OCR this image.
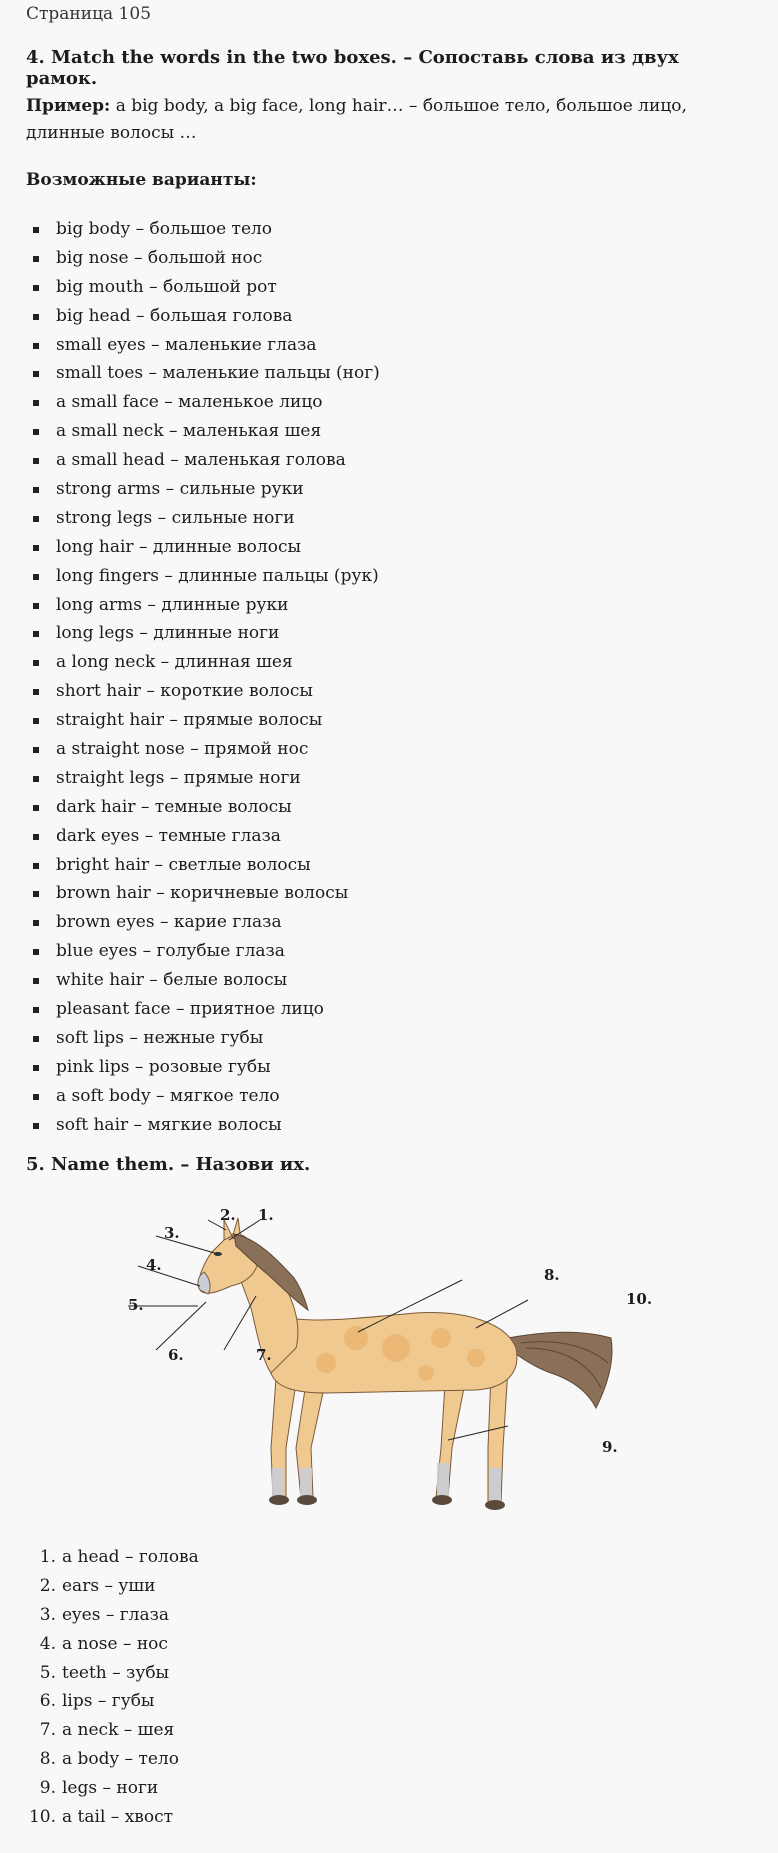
Страница 105
4. Match the words in the two boxes. – Сопоставь слова из двух рамок.
Пример: a big body, a big face, long hair… – большое тело, большое лицо, длинные волосы …
Возможные варианты:
big body – большое тело
big nose – большой нос
big mouth – большой рот
big head – большая голова
small eyes – маленькие глаза
small toes – маленькие пальцы (ног)
a small face – маленькое лицо
a small neck – маленькая шея
a small head – маленькая голова
strong arms – сильные руки
strong legs – сильные ноги
long hair – длинные волосы
long fingers – длинные пальцы (рук)
long arms – длинные руки
long legs – длинные ноги
a long neck – длинная шея
short hair – короткие волосы
straight hair – прямые волосы
a straight nose – прямой нос
straight legs – прямые ноги
dark hair – темные волосы
dark eyes – темные глаза
bright hair – светлые волосы
brown hair – коричневые волосы
brown eyes – карие глаза
blue eyes – голубые глаза
white hair – белые волосы
pleasant face – приятное лицо
soft lips – нежные губы
pink lips – розовые губы
a soft body – мягкое тело
soft hair – мягкие волосы
5. Name them. – Назови их.
1. a head – голова
2. ears – уши
3. eyes – глаза
4. a nose – нос
5. teeth – зубы
6. lips – губы
7. a neck – шея
8. a body – тело
9. legs – ноги
10. a tail – хвост
1.
2.
3.
4.
5.
6.	7.
8.
9.
10.
